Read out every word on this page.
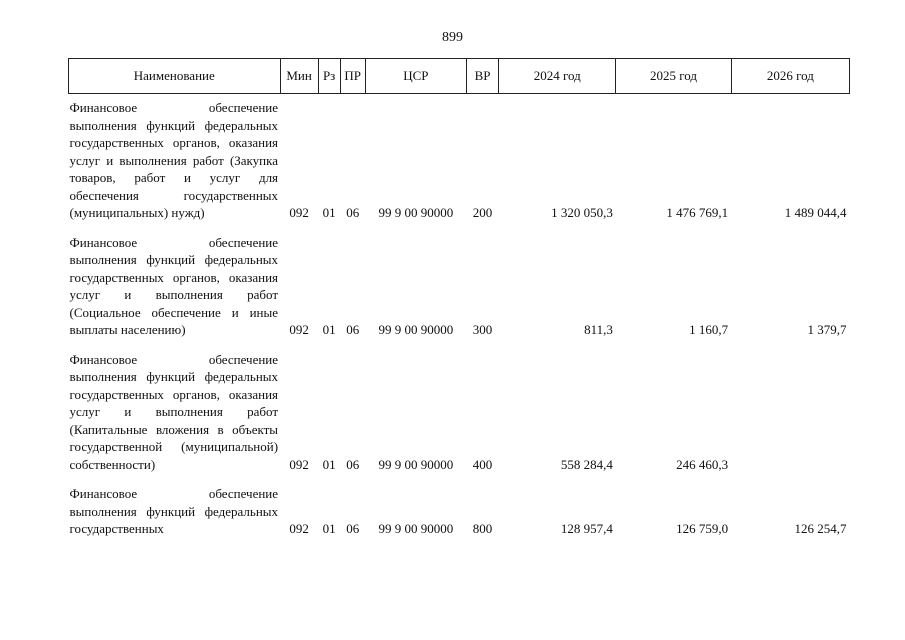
899
Наименование	Мин	Рз	ПР	ЦСР	ВР	2024 год	2025 год	2026 год
Финансовое обеспечение выполнения функций федеральных государственных органов, оказания услуг и выполнения работ (Закупка товаров, работ и услуг для обеспечения государственных (муниципальных) нужд)	092	01	06	99 9 00 90000	200	1 320 050,3	1 476 769,1	1 489 044,4
Финансовое обеспечение выполнения функций федеральных государственных органов, оказания услуг и выполнения работ (Социальное обеспечение и иные выплаты населению)	092	01	06	99 9 00 90000	300	811,3	1 160,7	1 379,7
Финансовое обеспечение выполнения функций федеральных государственных органов, оказания услуг и выполнения работ (Капитальные вложения в объекты государственной (муниципальной) собственности)	092	01	06	99 9 00 90000	400	558 284,4	246 460,3	
Финансовое обеспечение выполнения функций федеральных государственных	092	01	06	99 9 00 90000	800	128 957,4	126 759,0	126 254,7
